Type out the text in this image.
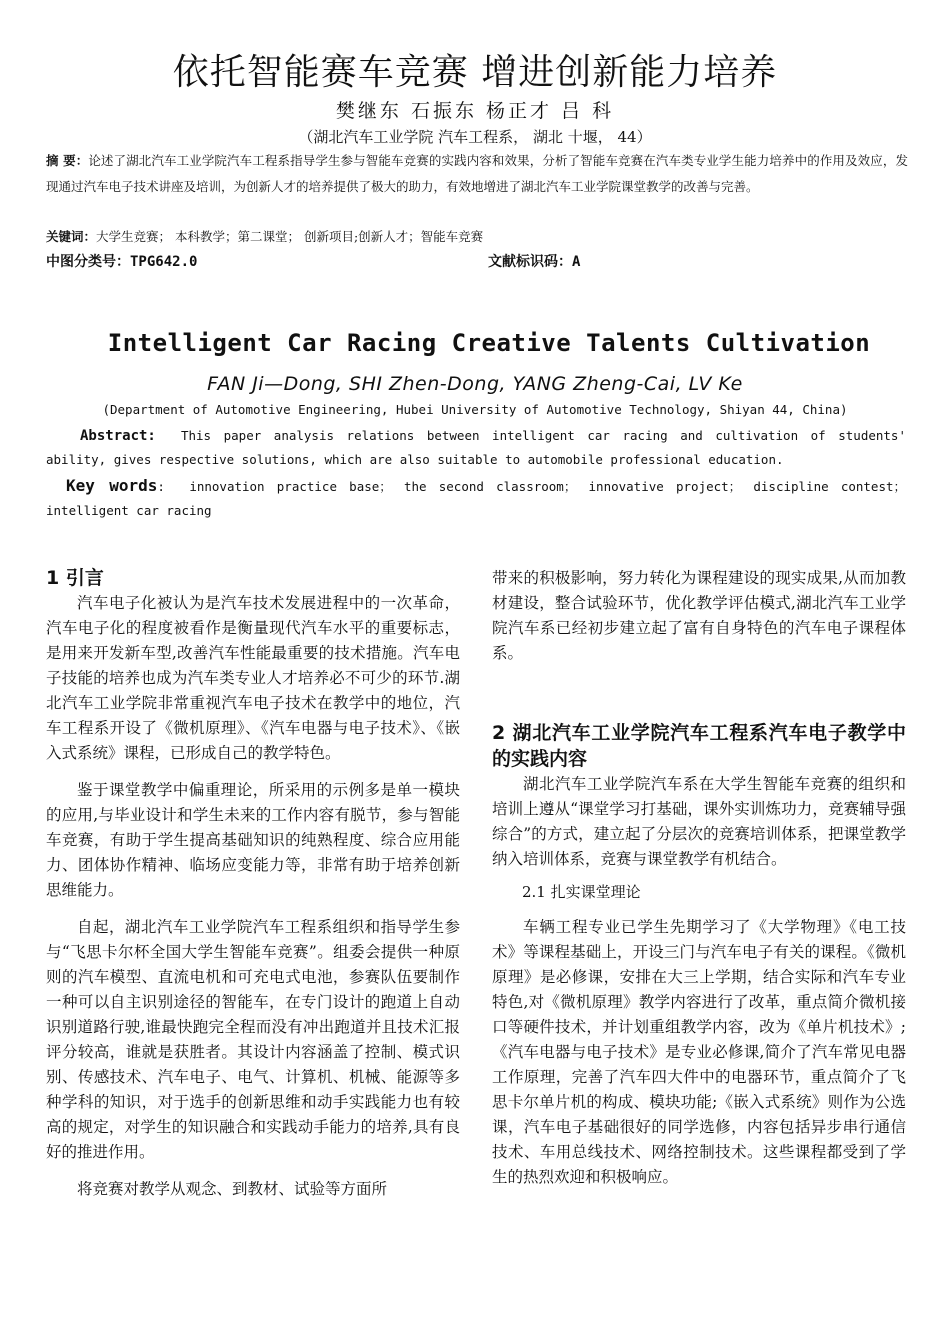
依托智能赛车竞赛 增进创新能力培养
樊继东 石振东 杨正才 吕 科
（湖北汽车工业学院 汽车工程系， 湖北 十堰， 44）
摘 要：论述了湖北汽车工业学院汽车工程系指导学生参与智能车竞赛的实践内容和效果，分析了智能车竞赛在汽车类专业学生能力培养中的作用及效应，发现通过汽车电子技术讲座及培训，为创新人才的培养提供了极大的助力，有效地增进了湖北汽车工业学院课堂教学的改善与完善。
关键词：大学生竞赛； 本科教学；第二课堂； 创新项目;创新人才；智能车竞赛
中图分类号：TPG642.0	文献标识码：A
Intelligent Car Racing Creative Talents Cultivation
FAN Ji—Dong, SHI Zhen-Dong, YANG Zheng-Cai, LV Ke
(Department of Automotive Engineering, Hubei University of Automotive Technology, Shiyan 44, China)
Abstract: This paper analysis relations between intelligent car racing and cultivation of students' ability, gives respective solutions, which are also suitable to automobile professional education.
Key words:  innovation practice base； the second classroom； innovative project； discipline contest； intelligent car racing
1 引言

汽车电子化被认为是汽车技术发展进程中的一次革命，汽车电子化的程度被看作是衡量现代汽车水平的重要标志，是用来开发新车型,改善汽车性能最重要的技术措施。汽车电子技能的培养也成为汽车类专业人才培养必不可少的环节.湖北汽车工业学院非常重视汽车电子技术在教学中的地位，汽车工程系开设了《微机原理》、《汽车电器与电子技术》、《嵌入式系统》课程，已形成自己的教学特色。

鉴于课堂教学中偏重理论，所采用的示例多是单一模块的应用,与毕业设计和学生未来的工作内容有脱节，参与智能车竞赛，有助于学生提高基础知识的纯熟程度、综合应用能力、团体协作精神、临场应变能力等，非常有助于培养创新思维能力。

自起，湖北汽车工业学院汽车工程系组织和指导学生参与“飞思卡尔杯全国大学生智能车竞赛”。组委会提供一种原则的汽车模型、直流电机和可充电式电池，参赛队伍要制作一种可以自主识别途径的智能车，在专门设计的跑道上自动识别道路行驶,谁最快跑完全程而没有冲出跑道并且技术汇报评分较高，谁就是获胜者。其设计内容涵盖了控制、模式识别、传感技术、汽车电子、电气、计算机、机械、能源等多种学科的知识，对于选手的创新思维和动手实践能力也有较高的规定，对学生的知识融合和实践动手能力的培养,具有良好的推进作用。

将竞赛对教学从观念、到教材、试验等方面所

带来的积极影响，努力转化为课程建设的现实成果,从而加教材建设，整合试验环节，优化教学评估模式,湖北汽车工业学院汽车系已经初步建立起了富有自身特色的汽车电子课程体系。

2 湖北汽车工业学院汽车工程系汽车电子教学中的实践内容

湖北汽车工业学院汽车系在大学生智能车竞赛的组织和培训上遵从“课堂学习打基础，课外实训炼功力，竞赛辅导强综合”的方式，建立起了分层次的竞赛培训体系，把课堂教学纳入培训体系，竞赛与课堂教学有机结合。

2.1 扎实课堂理论

车辆工程专业已学生先期学习了《大学物理》《电工技术》等课程基础上，开设三门与汽车电子有关的课程。《微机原理》是必修课，安排在大三上学期，结合实际和汽车专业特色,对《微机原理》教学内容进行了改革，重点简介微机接口等硬件技术，并计划重组教学内容，改为《单片机技术》;《汽车电器与电子技术》是专业必修课,简介了汽车常见电器工作原理，完善了汽车四大件中的电器环节，重点简介了飞思卡尔单片机的构成、模块功能;《嵌入式系统》则作为公选课，汽车电子基础很好的同学选修，内容包括异步串行通信技术、车用总线技术、网络控制技术。这些课程都受到了学生的热烈欢迎和积极响应。
